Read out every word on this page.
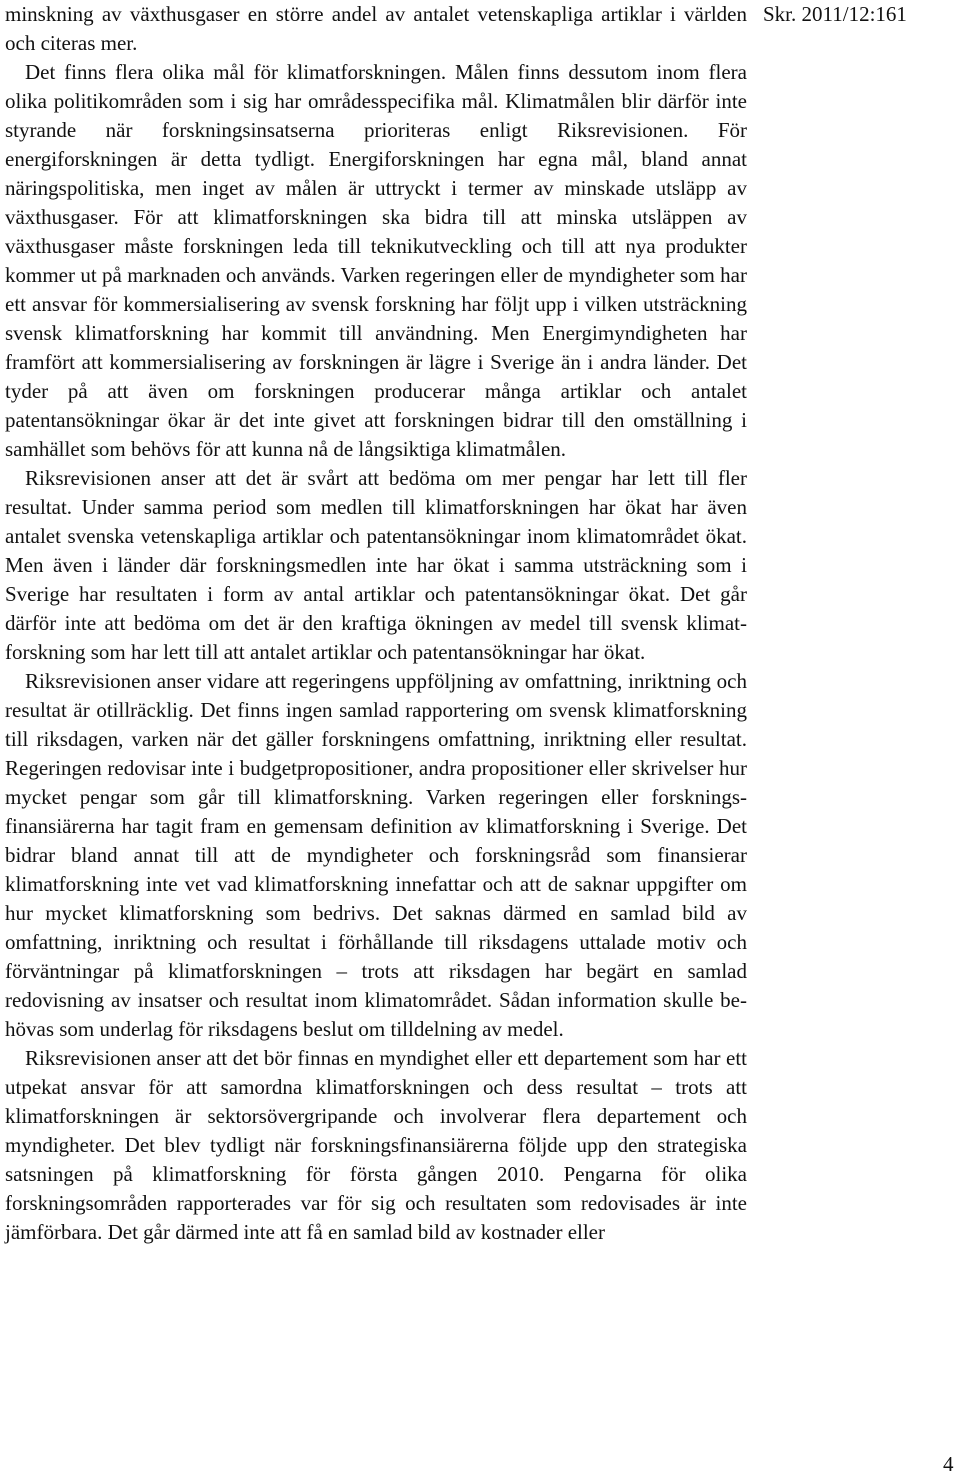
Skr. 2011/12:161

minskning av växthusgaser en större andel av antalet vetenskapliga artiklar i världen och citeras mer.

Det finns flera olika mål för klimatforskningen. Målen finns dessutom inom flera olika politikområden som i sig har områdesspecifika mål. Klimatmålen blir därför inte styrande när forskningsinsatserna prioriteras enligt Riksrevisionen. För energiforskningen är detta tydligt. Energiforskningen har egna mål, bland annat näringspolitiska, men inget av målen är uttryckt i termer av minskade utsläpp av växthusgaser. För att klimatforskningen ska bidra till att minska utsläppen av växthusgaser måste forskningen leda till teknikutveckling och till att nya produkter kommer ut på marknaden och används. Varken regeringen eller de myndigheter som har ett ansvar för kommersialisering av svensk forskning har följt upp i vilken utsträckning svensk klimatforskning har kommit till användning. Men Energimyndigheten har framfört att kommersialisering av forskningen är lägre i Sverige än i andra länder. Det tyder på att även om forskningen producerar många artiklar och antalet patentansökningar ökar är det inte givet att forskningen bidrar till den omställning i samhället som behövs för att kunna nå de långsiktiga klimatmålen.

Riksrevisionen anser att det är svårt att bedöma om mer pengar har lett till fler resultat. Under samma period som medlen till klimatforskningen har ökat har även antalet svenska vetenskapliga artiklar och patentansökningar inom klimatområdet ökat. Men även i länder där forskningsmedlen inte har ökat i samma utsträckning som i Sverige har resultaten i form av antal artiklar och patentansökningar ökat. Det går därför inte att bedöma om det är den kraftiga ökningen av medel till svensk klimatforskning som har lett till att antalet artiklar och patentansökningar har ökat.

Riksrevisionen anser vidare att regeringens uppföljning av omfattning, inriktning och resultat är otillräcklig. Det finns ingen samlad rapportering om svensk klimatforskning till riksdagen, varken när det gäller forskningens omfattning, inriktning eller resultat. Regeringen redovisar inte i budgetpropositioner, andra propositioner eller skrivelser hur mycket pengar som går till klimatforskning. Varken regeringen eller forskningsfinansiärerna har tagit fram en gemensam definition av klimatforskning i Sverige. Det bidrar bland annat till att de myndigheter och forskningsråd som finansierar klimatforskning inte vet vad klimatforskning innefattar och att de saknar uppgifter om hur mycket klimatforskning som bedrivs. Det saknas därmed en samlad bild av omfattning, inriktning och resultat i förhållande till riksdagens uttalade motiv och förväntningar på klimatforskningen – trots att riksdagen har begärt en samlad redovisning av insatser och resultat inom klimatområdet. Sådan information skulle behövas som underlag för riksdagens beslut om tilldelning av medel.

Riksrevisionen anser att det bör finnas en myndighet eller ett departement som har ett utpekat ansvar för att samordna klimatforskningen och dess resultat – trots att klimatforskningen är sektorsövergripande och involverar flera departement och myndigheter. Det blev tydligt när forskningsfinansiärerna följde upp den strategiska satsningen på klimatforskning för första gången 2010. Pengarna för olika forskningsområden rapporterades var för sig och resultaten som redovisades är inte jämförbara. Det går därmed inte att få en samlad bild av kostnader eller

4
